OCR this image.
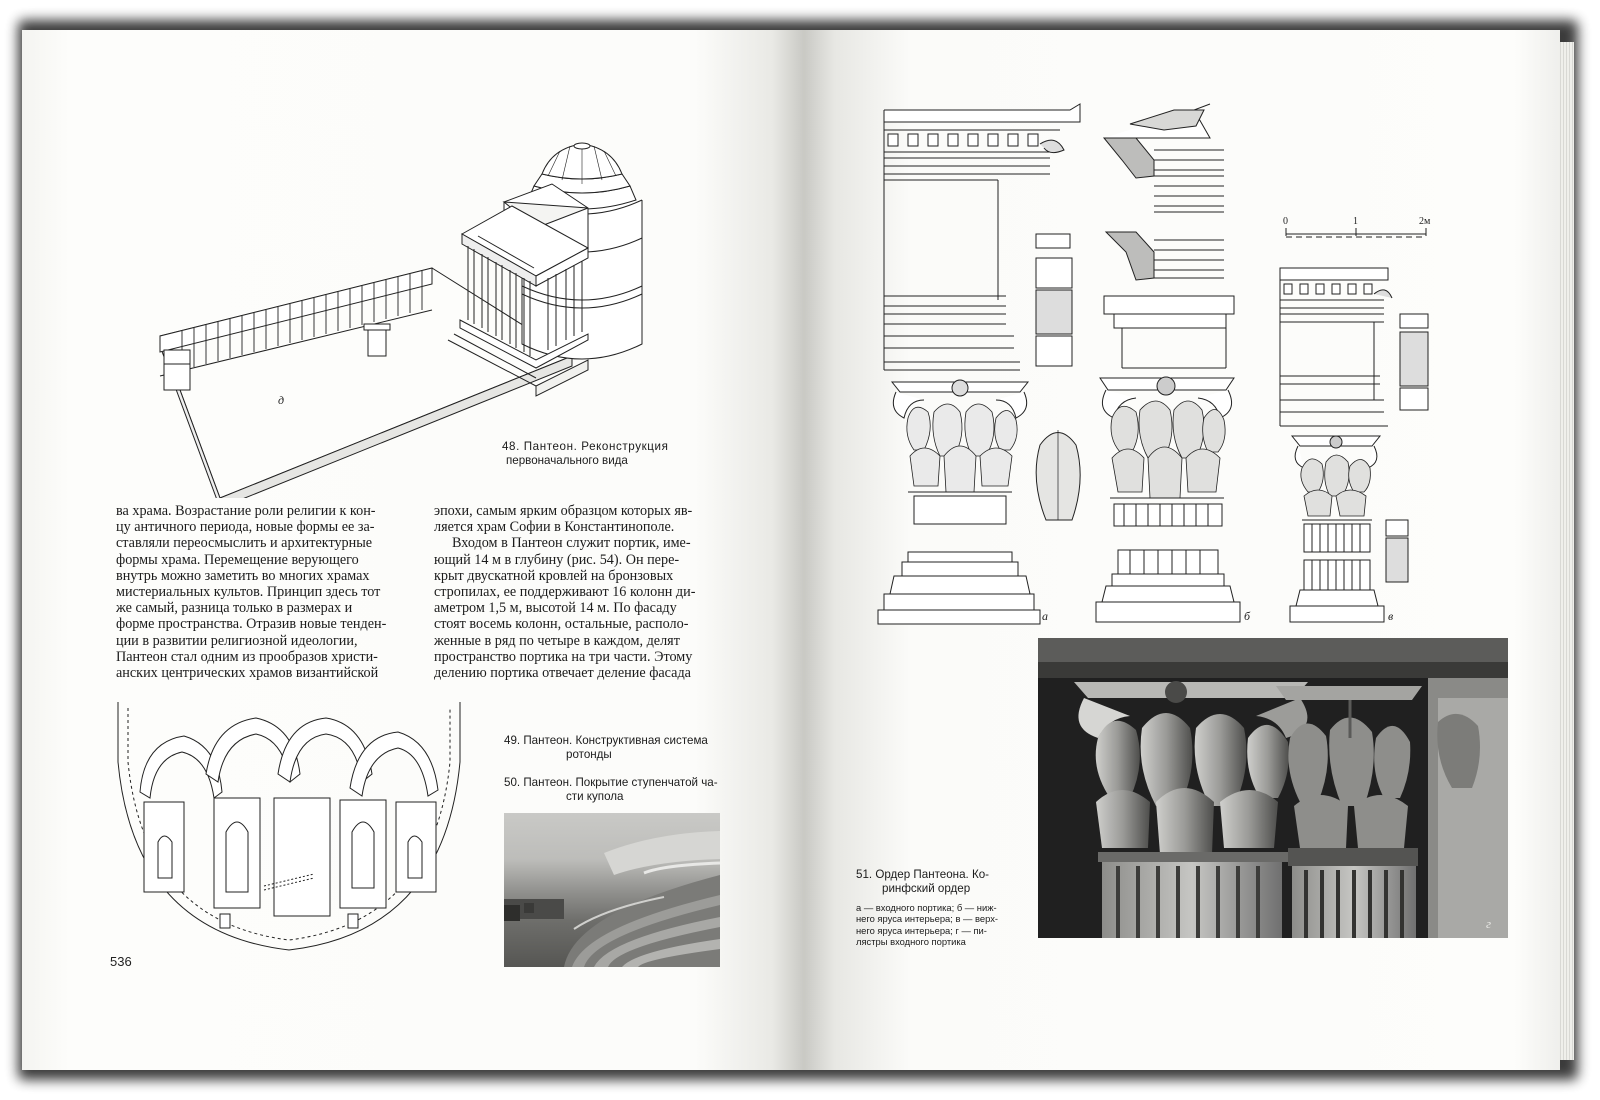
д
48. Пантеон. Реконструкция
первоначального вида
ва храма. Возрастание роли религии к кон-
цу античного периода, новые формы ее за-
ставляли переосмыслить и архитектурные
формы храма. Перемещение верующего
внутрь можно заметить во многих храмах
мистериальных культов. Принцип здесь тот
же самый, разница только в размерах и
форме пространства. Отразив новые тенден-
ции в развитии религиозной идеологии,
Пантеон стал одним из прообразов христи-
анских центрических храмов византийской
эпохи, самым ярким образцом которых яв-
ляется храм Софии в Константинополе.
Входом в Пантеон служит портик, име-
ющий 14 м в глубину (рис. 54). Он пере-
крыт двускатной кровлей на бронзовых
стропилах, ее поддерживают 16 колонн ди-
аметром 1,5 м, высотой 14 м. По фасаду
стоят восемь колонн, остальные, располо-
женные в ряд по четыре в каждом, делят
пространство портика на три части. Этому
делению портика отвечает деление фасада
49. Пантеон. Конструктивная система
ротонды
50. Пантеон. Покрытие ступенчатой ча-
сти купола
536
а	б
0	1	2м
в
г
51. Ордер Пантеона. Ко-
ринфский ордер
а — входного портика; б — ниж-
него яруса интерьера; в — верх-
него яруса интерьера; г — пи-
лястры входного портика
